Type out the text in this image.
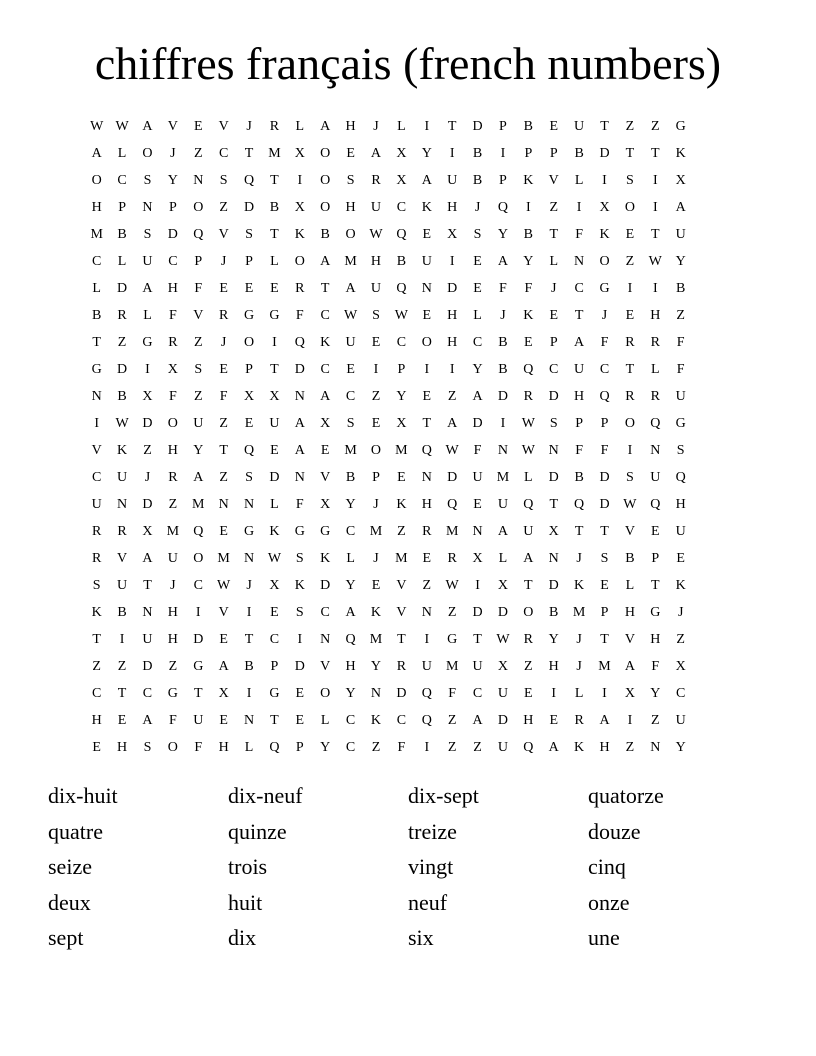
chiffres français (french numbers)
W W A	V	E	V	J	R	L	A	H	J	L	I	T	D	P	B	E	U	T	Z	Z	G
A	L	O	J	Z	C	T	M	X	O	E	A	X	Y	I	B	I	P	P	B	D	T	T	K
O	C	S	Y	N	S	Q	T	I	O	S	R	X	A	U	B	P	K	V	L	I	S	I	X
H	P	N	P	O	Z	D	B	X	O	H	U	C	K	H	J	Q	I	Z	I	X	O	I	A
M	B	S	D	Q	V	S	T	K	B	O W Q	E	X	S	Y	B	T	F	K	E	T	U
C	L	U	C	P	J	P	L	O	A	M	H	B	U	I	E	A	Y	L	N	O	Z	W Y
L	D	A	H	F	E	E	E	R	T	A	U	Q	N	D	E	F	F	J	C	G	I	I	B
B	R	L	F	V	R	G	G	F	C	W	S	W	E	H	L	J	K	E	T	J	E	H	Z
T	Z	G	R	Z	J	O	I	Q	K	U	E	C	O	H	C	B	E	P	A	F	R	R	F
G	D	I	X	S	E	P	T	D	C	E	I	P	I	I	Y	B	Q	C	U	C	T	L	F
N	B	X	F	Z	F	X	X	N	A	C	Z	Y	E	Z	A	D	R	D	H	Q	R	R	U
I	W D	O	U	Z	E	U	A	X	S	E	X	T	A	D	I	W	S	P	P	O	Q	G
V	K	Z	H	Y	T	Q	E	A	E	M	O	M	Q W	F	N W N	F	F	I	N	S
C	U	J	R	A	Z	S	D	N	V	B	P	E	N	D	U	M	L	D	B	D	S	U	Q
U	N	D	Z	M	N	N	L	F	X	Y	J	K	H	Q	E	U	Q	T	Q	D W Q	H
R	R	X	M	Q	E	G	K	G	G	C	M	Z	R	M	N	A	U	X	T	T	V	E	U
R	V	A	U	O	M	N W	S	K	L	J	M	E	R	X	L	A	N	J	S	B	P	E
S	U	T	J	C	W	J	X	K	D	Y	E	V	Z	W	I	X	T	D	K	E	L	T	K
K	B	N	H	I	V	I	E	S	C	A	K	V	N	Z	D	D	O	B	M	P	H	G	J
T	I	U	H	D	E	T	C	I	N	Q	M	T	I	G	T	W	R	Y	J	T	V	H	Z
Z	Z	D	Z	G	A	B	P	D	V	H	Y	R	U	M	U	X	Z	H	J	M	A	F	X
C	T	C	G	T	X	I	G	E	O	Y	N	D	Q	F	C	U	E	I	L	I	X	Y	C
H	E	A	F	U	E	N	T	E	L	C	K	C	Q	Z	A	D	H	E	R	A	I	Z	U
E	H	S	O	F	H	L	Q	P	Y	C	Z	F	I	Z	Z	U	Q	A	K	H	Z	N	Y
dix-huit	dix-neuf	dix-sept	quatorze
quatre	quinze	treize	douze
seize	trois	vingt	cinq
deux	huit	neuf	onze
sept	dix	six	une
